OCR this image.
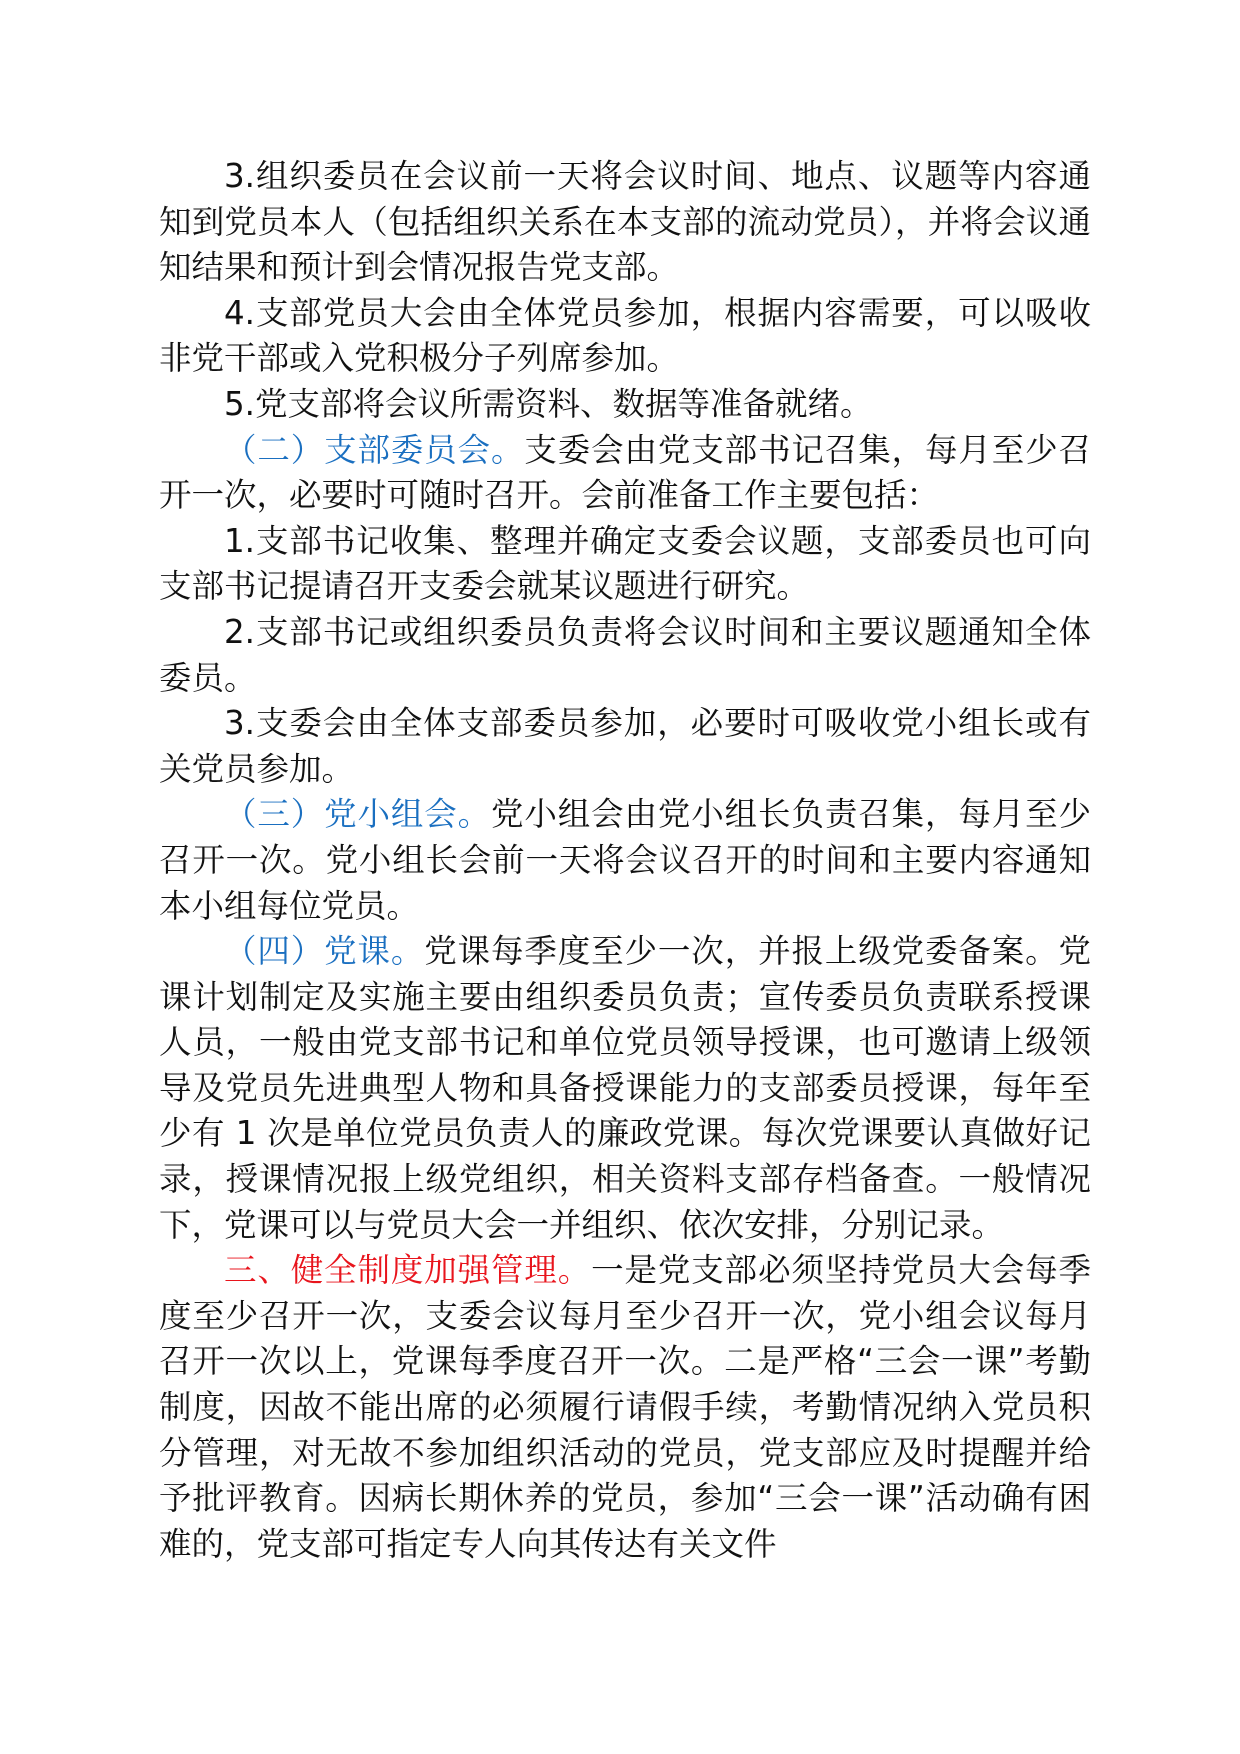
3.组织委员在会议前一天将会议时间、地点、议题等内容通知到党员本人（包括组织关系在本支部的流动党员），并将会议通知结果和预计到会情况报告党支部。

4.支部党员大会由全体党员参加，根据内容需要，可以吸收非党干部或入党积极分子列席参加。

5.党支部将会议所需资料、数据等准备就绪。

（二）支部委员会。支委会由党支部书记召集，每月至少召开一次，必要时可随时召开。会前准备工作主要包括：

1.支部书记收集、整理并确定支委会议题，支部委员也可向支部书记提请召开支委会就某议题进行研究。

2.支部书记或组织委员负责将会议时间和主要议题通知全体委员。

3.支委会由全体支部委员参加，必要时可吸收党小组长或有关党员参加。

（三）党小组会。党小组会由党小组长负责召集，每月至少召开一次。党小组长会前一天将会议召开的时间和主要内容通知本小组每位党员。

（四）党课。党课每季度至少一次，并报上级党委备案。党课计划制定及实施主要由组织委员负责；宣传委员负责联系授课人员，一般由党支部书记和单位党员领导授课，也可邀请上级领导及党员先进典型人物和具备授课能力的支部委员授课，每年至少有 1 次是单位党员负责人的廉政党课。每次党课要认真做好记录，授课情况报上级党组织，相关资料支部存档备查。一般情况下，党课可以与党员大会一并组织、依次安排，分别记录。

三、健全制度加强管理。一是党支部必须坚持党员大会每季度至少召开一次，支委会议每月至少召开一次，党小组会议每月召开一次以上，党课每季度召开一次。二是严格“三会一课”考勤制度，因故不能出席的必须履行请假手续，考勤情况纳入党员积分管理，对无故不参加组织活动的党员，党支部应及时提醒并给予批评教育。因病长期休养的党员，参加“三会一课”活动确有困难的，党支部可指定专人向其传达有关文件
